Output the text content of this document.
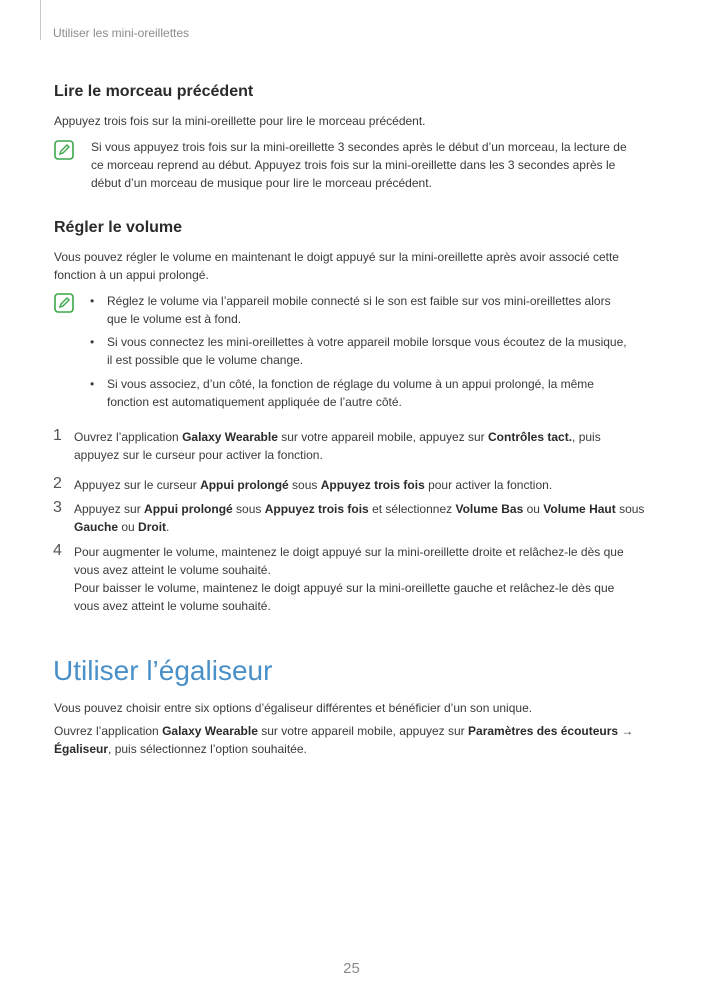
Utiliser les mini-oreillettes
Lire le morceau précédent
Appuyez trois fois sur la mini-oreillette pour lire le morceau précédent.
Si vous appuyez trois fois sur la mini-oreillette 3 secondes après le début d’un morceau, la lecture de
ce morceau reprend au début. Appuyez trois fois sur la mini-oreillette dans les 3 secondes après le
début d’un morceau de musique pour lire le morceau précédent.
Régler le volume
Vous pouvez régler le volume en maintenant le doigt appuyé sur la mini-oreillette après avoir associé cette
fonction à un appui prolongé.
• Réglez le volume via l’appareil mobile connecté si le son est faible sur vos mini-oreillettes alors
que le volume est à fond.
• Si vous connectez les mini-oreillettes à votre appareil mobile lorsque vous écoutez de la musique,
il est possible que le volume change.
• Si vous associez, d’un côté, la fonction de réglage du volume à un appui prolongé, la même
fonction est automatiquement appliquée de l’autre côté.
1 Ouvrez l’application Galaxy Wearable sur votre appareil mobile, appuyez sur Contrôles tact., puis
appuyez sur le curseur pour activer la fonction.
2 Appuyez sur le curseur Appui prolongé sous Appuyez trois fois pour activer la fonction.
3 Appuyez sur Appui prolongé sous Appuyez trois fois et sélectionnez Volume Bas ou Volume Haut sous
Gauche ou Droit.
4 Pour augmenter le volume, maintenez le doigt appuyé sur la mini-oreillette droite et relâchez-le dès que
vous avez atteint le volume souhaité.
Pour baisser le volume, maintenez le doigt appuyé sur la mini-oreillette gauche et relâchez-le dès que
vous avez atteint le volume souhaité.
Utiliser l’égaliseur
Vous pouvez choisir entre six options d’égaliseur différentes et bénéficier d’un son unique.
Ouvrez l’application Galaxy Wearable sur votre appareil mobile, appuyez sur Paramètres des écouteurs →
Égaliseur, puis sélectionnez l’option souhaitée.
25
